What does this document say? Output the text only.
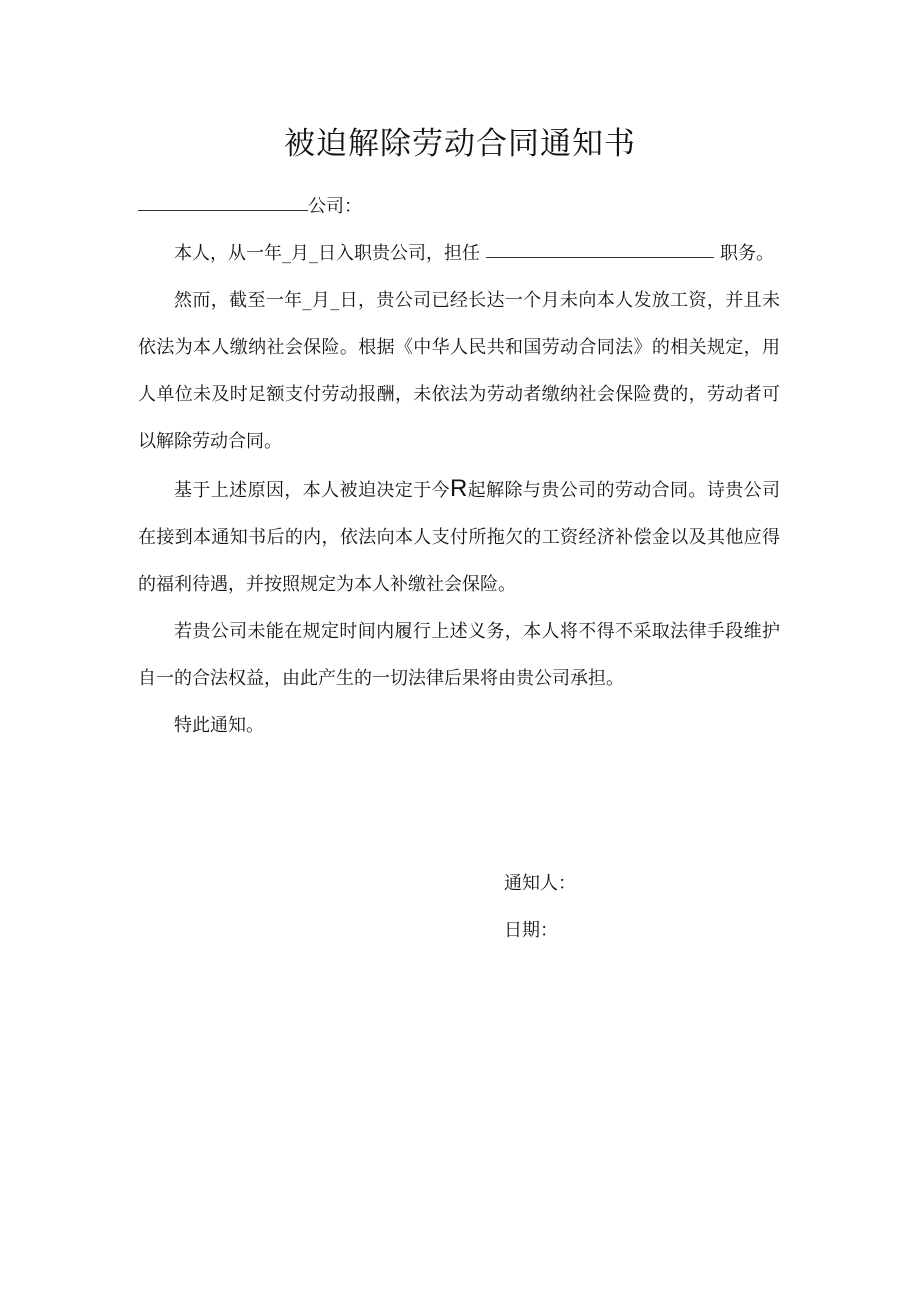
被迫解除劳动合同通知书

公司：

本人，从一年_月_日入职贵公司，担任	职务。

然而，截至一年_月_日，贵公司已经长达一个月未向本人发放工资，并且未依法为本人缴纳社会保险。根据《中华人民共和国劳动合同法》的相关规定，用人单位未及时足额支付劳动报酬，未依法为劳动者缴纳社会保险费的，劳动者可以解除劳动合同。

基于上述原因，本人被迫决定于今R起解除与贵公司的劳动合同。诗贵公司在接到本通知书后的内，依法向本人支付所拖欠的工资经济补偿金以及其他应得的福利待遇，并按照规定为本人补缴社会保险。

若贵公司未能在规定时间内履行上述义务，本人将不得不采取法律手段维护自一的合法权益，由此产生的一切法律后果将由贵公司承担。

特此通知。

通知人：
日期：
